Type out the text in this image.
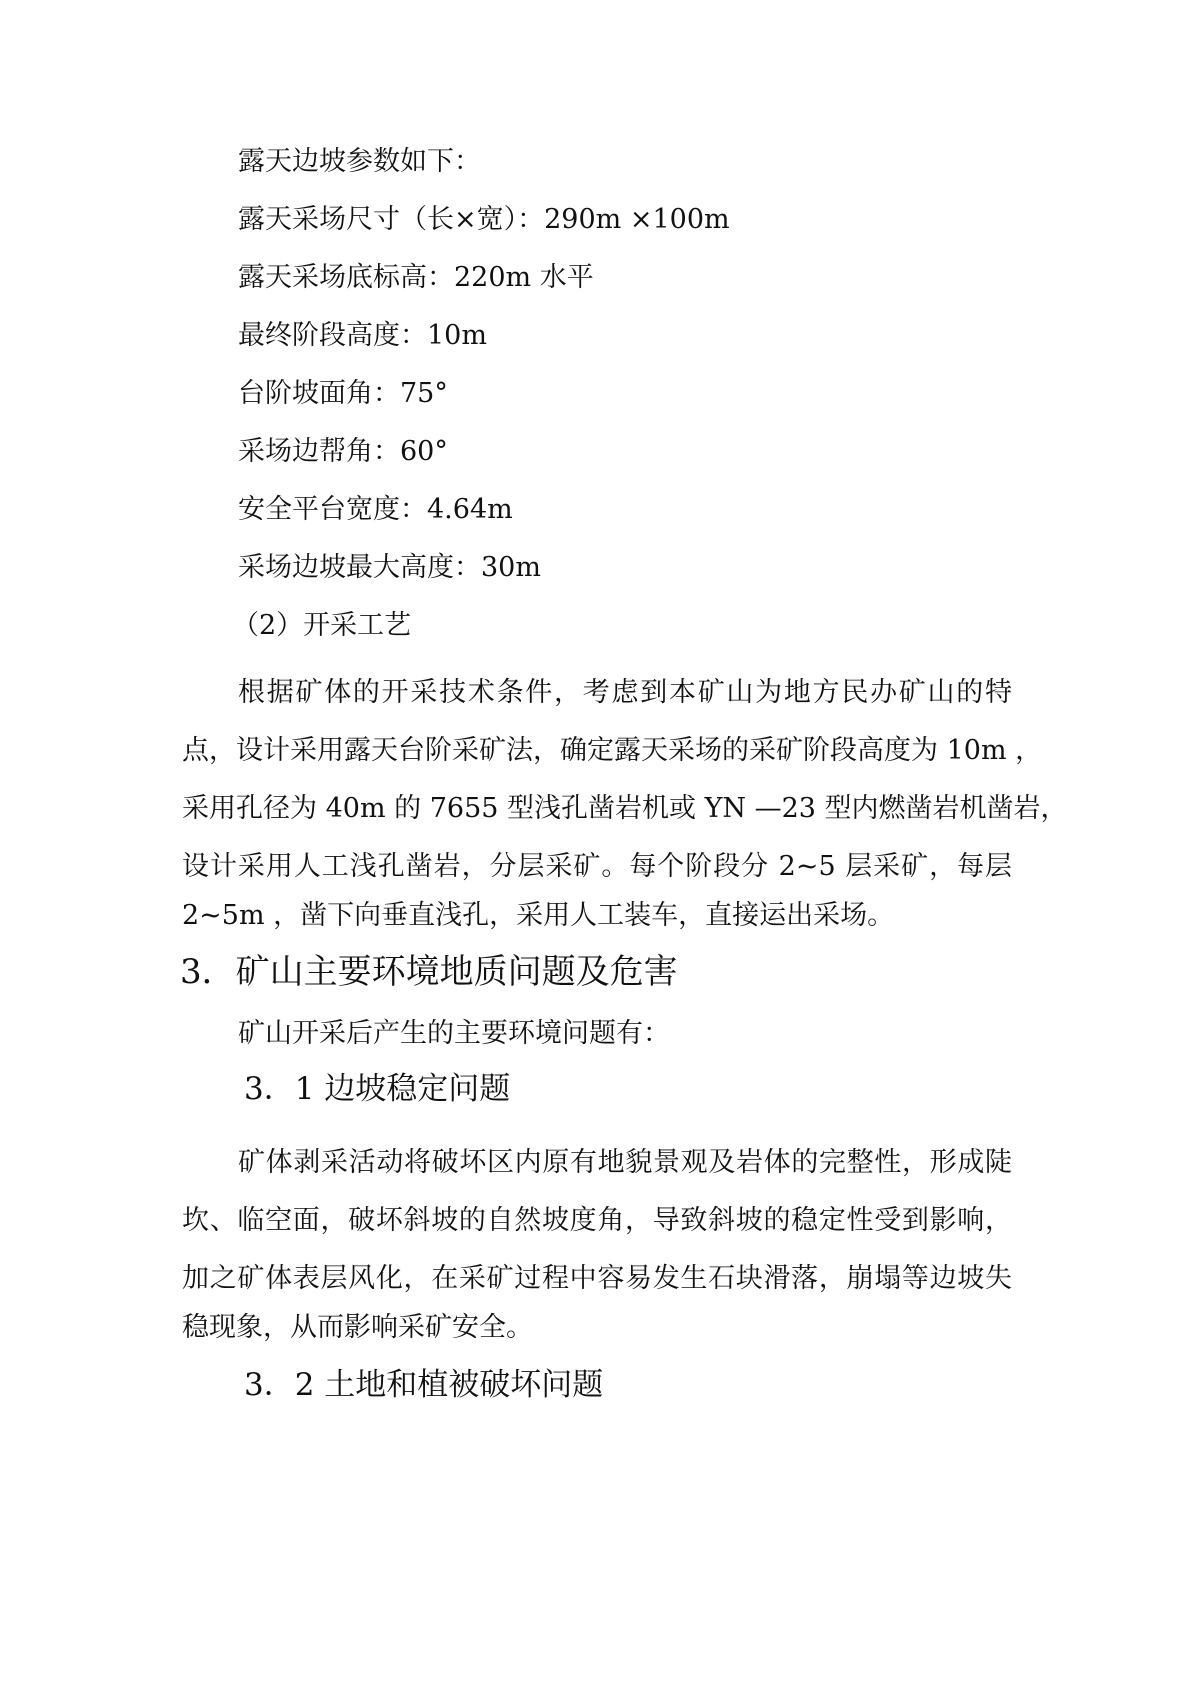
露天边坡参数如下：
露天采场尺寸（长×宽）：290m ×100m
露天采场底标高：220m 水平
最终阶段高度：10m
台阶坡面角：75°
采场边帮角：60°
安全平台宽度：4.64m
采场边坡最大高度：30m
（2）开采工艺
根据矿体的开采技术条件，考虑到本矿山为地方民办矿山的特
点，设计采用露天台阶采矿法，确定露天采场的采矿阶段高度为 10m ，
采用孔径为 40m 的 7655 型浅孔凿岩机或 YN —23 型内燃凿岩机凿岩，
设计采用人工浅孔凿岩，分层采矿。每个阶段分 2~5 层采矿，每层
2~5m ，凿下向垂直浅孔，采用人工装车，直接运出采场。
3．矿山主要环境地质问题及危害
矿山开采后产生的主要环境问题有：
3．1 边坡稳定问题
矿体剥采活动将破坏区内原有地貌景观及岩体的完整性，形成陡
坎、临空面，破坏斜坡的自然坡度角，导致斜坡的稳定性受到影响，
加之矿体表层风化，在采矿过程中容易发生石块滑落，崩塌等边坡失
稳现象，从而影响采矿安全。
3．2 土地和植被破坏问题
